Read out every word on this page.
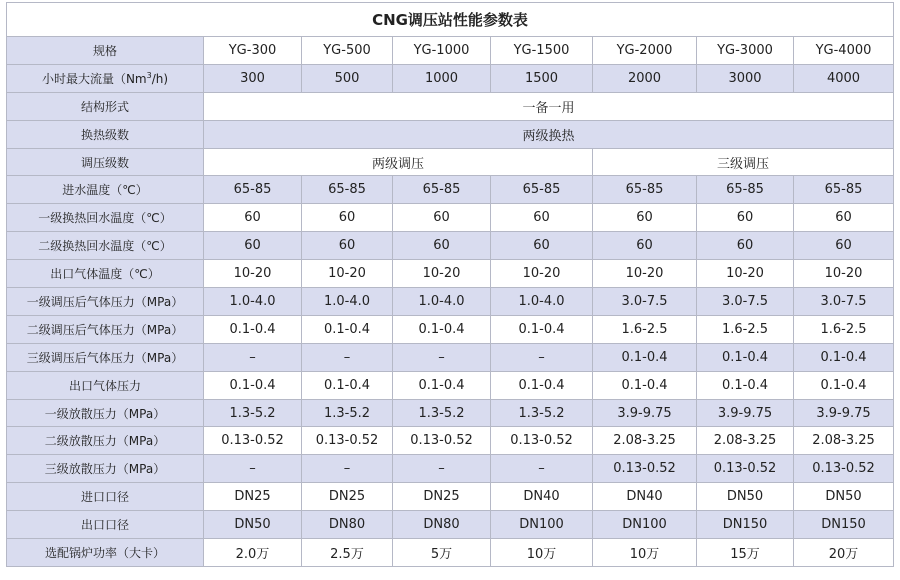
CNG调压站性能参数表							
规格	YG-300	YG-500	YG-1000	YG-1500	YG-2000	YG-3000	YG-4000
小时最大流量（Nm$^3$/h)	300	500	1000	1500	2000	3000	4000
结构形式	一备一用						
换热级数	两级换热						
调压级数	两级调压				三级调压		
进水温度（℃）	65-85	65-85	65-85	65-85	65-85	65-85	65-85
一级换热回水温度（℃）	60	60	60	60	60	60	60
二级换热回水温度（℃）	60	60	60	60	60	60	60
出口气体温度（℃）	10-20	10-20	10-20	10-20	10-20	10-20	10-20
一级调压后气体压力（MPa）	1.0-4.0	1.0-4.0	1.0-4.0	1.0-4.0	3.0-7.5	3.0-7.5	3.0-7.5
二级调压后气体压力（MPa）	0.1-0.4	0.1-0.4	0.1-0.4	0.1-0.4	1.6-2.5	1.6-2.5	1.6-2.5
三级调压后气体压力（MPa）	–	–	–	–	0.1-0.4	0.1-0.4	0.1-0.4
出口气体压力	0.1-0.4	0.1-0.4	0.1-0.4	0.1-0.4	0.1-0.4	0.1-0.4	0.1-0.4
一级放散压力（MPa）	1.3-5.2	1.3-5.2	1.3-5.2	1.3-5.2	3.9-9.75	3.9-9.75	3.9-9.75
二级放散压力（MPa）	0.13-0.52	0.13-0.52	0.13-0.52	0.13-0.52	2.08-3.25	2.08-3.25	2.08-3.25
三级放散压力（MPa）	–	–	–	–	0.13-0.52	0.13-0.52	0.13-0.52
进口口径	DN25	DN25	DN25	DN40	DN40	DN50	DN50
出口口径	DN50	DN80	DN80	DN100	DN100	DN150	DN150
选配锅炉功率（大卡）	2.0万	2.5万	5万	10万	10万	15万	20万
